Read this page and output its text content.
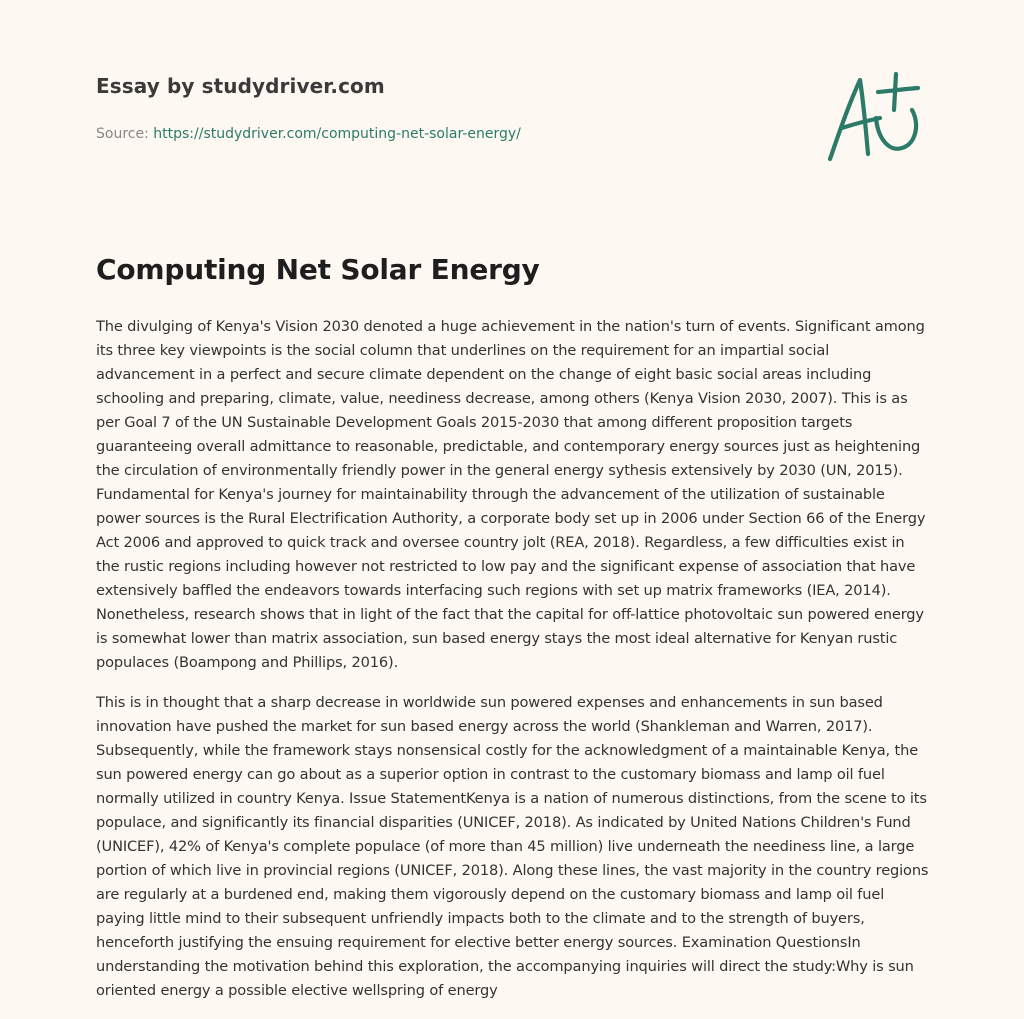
Essay by studydriver.com
Source: https://studydriver.com/computing-net-solar-energy/
Computing Net Solar Energy

The divulging of Kenya's Vision 2030 denoted a huge achievement in the nation's turn of events. Significant among its three key viewpoints is the social column that underlines on the requirement for an impartial social advancement in a perfect and secure climate dependent on the change of eight basic social areas including schooling and preparing, climate, value, neediness decrease, among others (Kenya Vision 2030, 2007). This is as per Goal 7 of the UN Sustainable Development Goals 2015-2030 that among different proposition targets guaranteeing overall admittance to reasonable, predictable, and contemporary energy sources just as heightening the circulation of environmentally friendly power in the general energy sythesis extensively by 2030 (UN, 2015). Fundamental for Kenya's journey for maintainability through the advancement of the utilization of sustainable power sources is the Rural Electrification Authority, a corporate body set up in 2006 under Section 66 of the Energy Act 2006 and approved to quick track and oversee country jolt (REA, 2018). Regardless, a few difficulties exist in the rustic regions including however not restricted to low pay and the significant expense of association that have extensively baffled the endeavors towards interfacing such regions with set up matrix frameworks (IEA, 2014). Nonetheless, research shows that in light of the fact that the capital for off-lattice photovoltaic sun powered energy is somewhat lower than matrix association, sun based energy stays the most ideal alternative for Kenyan rustic populaces (Boampong and Phillips, 2016).

This is in thought that a sharp decrease in worldwide sun powered expenses and enhancements in sun based innovation have pushed the market for sun based energy across the world (Shankleman and Warren, 2017). Subsequently, while the framework stays nonsensical costly for the acknowledgment of a maintainable Kenya, the sun powered energy can go about as a superior option in contrast to the customary biomass and lamp oil fuel normally utilized in country Kenya. Issue StatementKenya is a nation of numerous distinctions, from the scene to its populace, and significantly its financial disparities (UNICEF, 2018). As indicated by United Nations Children's Fund (UNICEF), 42% of Kenya's complete populace (of more than 45 million) live underneath the neediness line, a large portion of which live in provincial regions (UNICEF, 2018). Along these lines, the vast majority in the country regions are regularly at a burdened end, making them vigorously depend on the customary biomass and lamp oil fuel paying little mind to their subsequent unfriendly impacts both to the climate and to the strength of buyers, henceforth justifying the ensuing requirement for elective better energy sources. Examination QuestionsIn understanding the motivation behind this exploration, the accompanying inquiries will direct the study:Why is sun oriented energy a possible elective wellspring of energy
